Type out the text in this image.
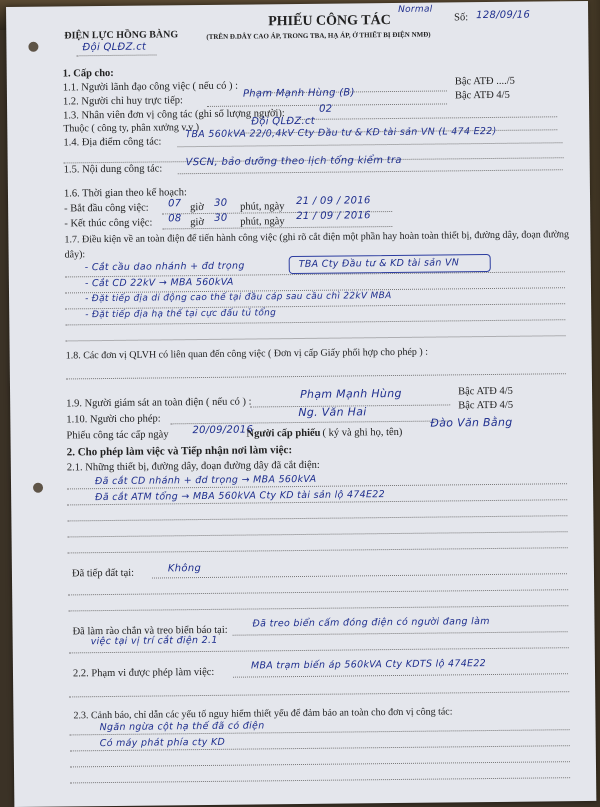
ĐIỆN LỰC HỒNG BÀNG
Đội QLĐZ.ct
PHIẾU CÔNG TÁC
(TRÊN Đ.DÂY CAO ÁP, TRONG TBA, HẠ ÁP, Ở THIẾT BỊ ĐIỆN NMĐ)
Normal
Số: 128/09/16
1. Cấp cho:
1.1. Người lãnh đạo công việc ( nếu có ) :	Bậc ATĐ ..../5
1.2. Người chỉ huy trực tiếp:
Phạm Mạnh Hùng (B)	Bậc ATĐ 4/5
1.3. Nhân viên đơn vị công tác (ghi số lượng người):	02
Thuộc ( công ty, phân xưởng v.v )
Đội QLĐZ.ct
1.4. Địa điểm công tác:
TBA 560kVA 22/0,4kV Cty Đầu tư & KD tài sản VN (L 474 E22)
1.5. Nội dung công tác:
VSCN, bảo dưỡng theo lịch tổng kiểm tra
1.6. Thời gian theo kế hoạch:
- Bắt đầu công việc: 07 giờ 30 phút, ngày 21 / 09 / 2016
- Kết thúc công việc: 08 giờ 30 phút, ngày 21 / 09 / 2016
1.7. Điều kiện về an toàn điện để tiến hành công việc (ghi rõ cắt điện một phần hay hoàn toàn thiết bị, đường dây, đoạn đường dây):
- Cắt cầu dao nhánh + đd trọng	TBA Cty Đầu tư & KD tài sản VN
- Cắt CD 22kV → MBA 560kVA
- Đặt tiếp địa di động cao thế tại đầu cáp sau cầu chì 22kV MBA
- Đặt tiếp địa hạ thế tại cực đấu tủ tổng
1.8. Các đơn vị QLVH có liên quan đến công việc ( Đơn vị cấp Giấy phối hợp cho phép ) :
1.9. Người giám sát an toàn điện ( nếu có ) :
Phạm Mạnh Hùng	Bậc ATĐ 4/5
1.10. Người cho phép:
Ng. Văn Hai	Bậc ATĐ 4/5
Phiếu công tác cấp ngày 20/09/2016
Người cấp phiếu ( ký và ghi họ, tên)
Đào Văn Bằng
2. Cho phép làm việc và Tiếp nhận nơi làm việc:
2.1. Những thiết bị, đường dây, đoạn đường dây đã cắt điện:
Đã cắt CD nhánh + đd trọng → MBA 560kVA
Đã cắt ATM tổng → MBA 560kVA Cty KD tài sản lộ 474E22
Đã tiếp đất tại:	Không
Đã làm rào chắn và treo biển báo tại:
Đã treo biển cấm đóng điện có người đang làm
việc tại vị trí cắt điện 2.1
2.2. Phạm vi được phép làm việc:
MBA trạm biến áp 560kVA Cty KDTS lộ 474E22
2.3. Cảnh báo, chỉ dẫn các yếu tố nguy hiểm thiết yếu để đảm bảo an toàn cho đơn vị công tác:
Ngăn ngừa cột hạ thế đã có điện
Có máy phát phía cty KD
